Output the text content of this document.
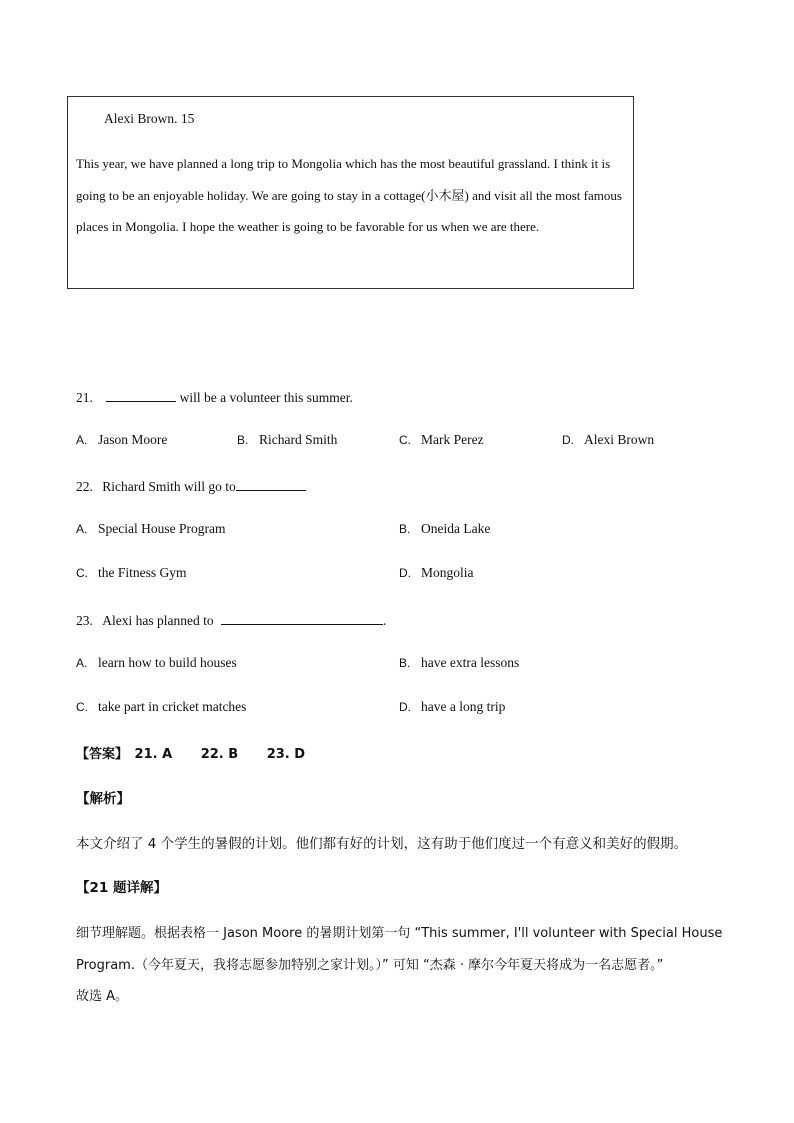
Alexi Brown. 15
This year, we have planned a long trip to Mongolia which has the most beautiful grassland. I think it is going to be an enjoyable holiday. We are going to stay in a cottage(小木屋) and visit all the most famous places in Mongolia. I hope the weather is going to be favorable for us when we are there.
21.	will be a volunteer this summer.
A. Jason Moore	B. Richard Smith	C. Mark Perez	D. Alexi Brown
22. Richard Smith will go to
A. Special House Program	B. Oneida Lake
C. the Fitness Gym	D. Mongolia
23. Alexi has planned to	.
A. learn how to build houses	B. have extra lessons
C. take part in cricket matches	D. have a long trip
【答案】 21. A 22. B 23. D
【解析】
本文介绍了 4 个学生的暑假的计划。他们都有好的计划，这有助于他们度过一个有意义和美好的假期。
【21 题详解】
细节理解题。根据表格一 Jason Moore 的暑期计划第一句 “This summer, I'll volunteer with Special House
Program.（今年夏天，我将志愿参加特别之家计划。）” 可知 “杰森 · 摩尔今年夏天将成为一名志愿者。”
故选 A。
